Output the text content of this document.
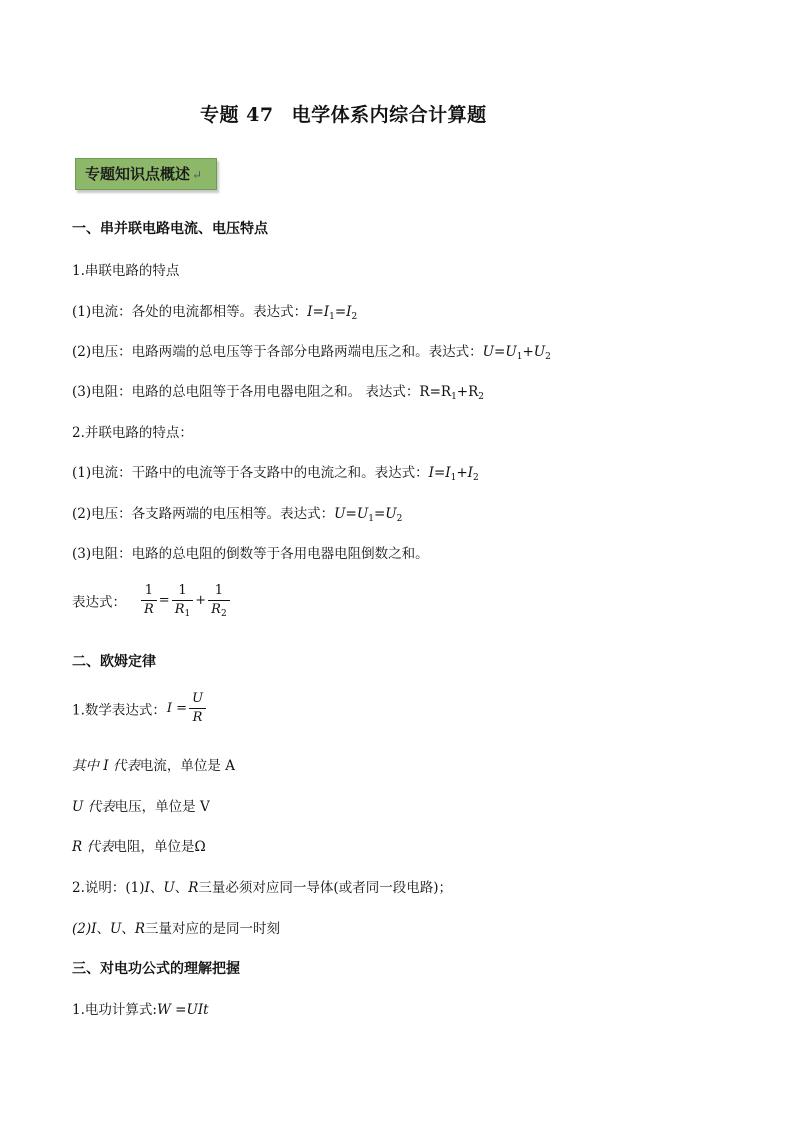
专题 47 电学体系内综合计算题
专题知识点概述 ↵
一、串并联电路电流、电压特点
1.串联电路的特点
(1)电流：各处的电流都相等。表达式：$I=I_1=I_2$
(2)电压：电路两端的总电压等于各部分电路两端电压之和。表达式：$U=U_1+U_2$
(3)电阻：电路的总电阻等于各用电器电阻之和。 表达式：$R=R_1+R_2$
2.并联电路的特点：
(1)电流：干路中的电流等于各支路中的电流之和。表达式：$I=I_1+I_2$
(2)电压：各支路两端的电压相等。表达式：$U=U_1=U_2$
(3)电阻：电路的总电阻的倒数等于各用电器电阻倒数之和。
表达式： $\frac{1}{R} = \frac{1}{R_1} + \frac{1}{R_2}$
二、欧姆定律
1.数学表达式：$I = \frac{U}{R}$
其中 I 代表电流，单位是 A
U 代表电压，单位是 V
R 代表电阻，单位是Ω
2.说明：(1)I、U、R三量必须对应同一导体(或者同一段电路)；
(2)I、U、R三量对应的是同一时刻
三、对电功公式的理解把握
1.电功计算式:W =UIt
